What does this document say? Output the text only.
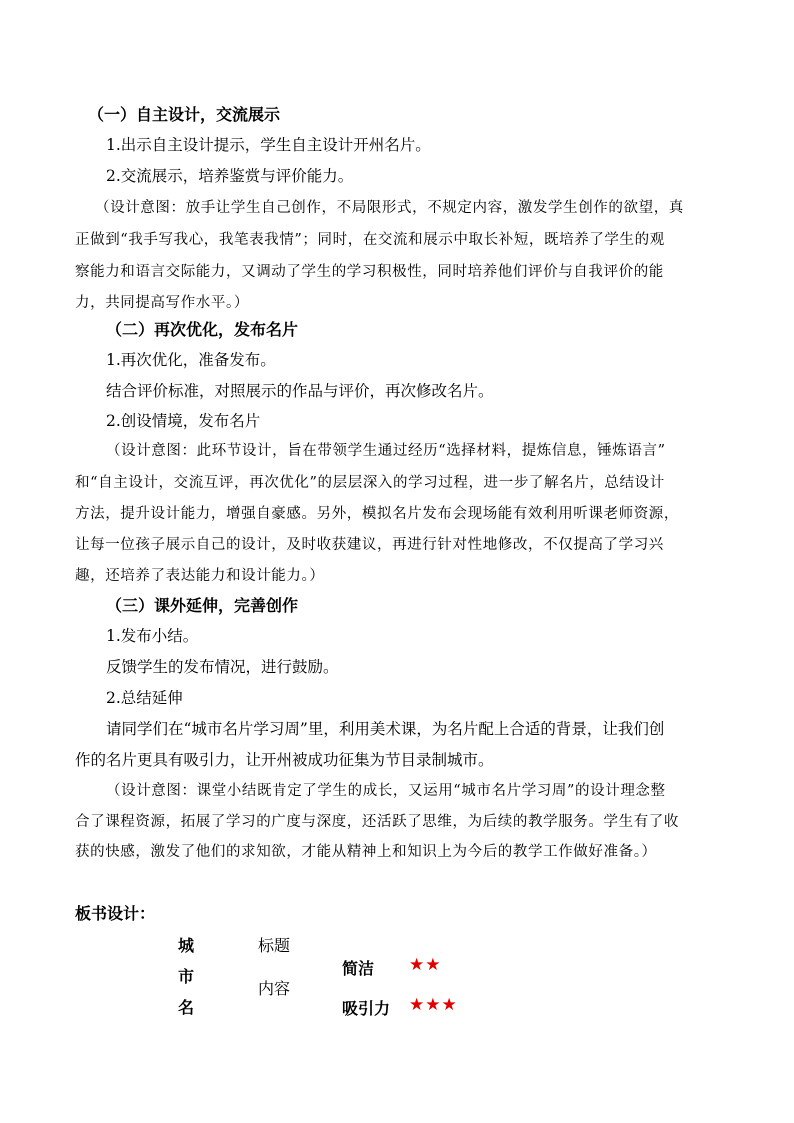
（一）自主设计，交流展示
1.出示自主设计提示，学生自主设计开州名片。
2.交流展示，培养鉴赏与评价能力。
（设计意图：放手让学生自己创作，不局限形式，不规定内容，激发学生创作的欲望，真
正做到“我手写我心，我笔表我情”；同时，在交流和展示中取长补短，既培养了学生的观
察能力和语言交际能力，又调动了学生的学习积极性，同时培养他们评价与自我评价的能
力，共同提高写作水平。）
（二）再次优化，发布名片
1.再次优化，准备发布。
结合评价标准，对照展示的作品与评价，再次修改名片。
2.创设情境，发布名片
（设计意图：此环节设计，旨在带领学生通过经历“选择材料，提炼信息，锤炼语言”
和“自主设计，交流互评，再次优化”的层层深入的学习过程，进一步了解名片，总结设计
方法，提升设计能力，增强自豪感。另外，模拟名片发布会现场能有效利用听课老师资源，
让每一位孩子展示自己的设计，及时收获建议，再进行针对性地修改，不仅提高了学习兴
趣，还培养了表达能力和设计能力。）
（三）课外延伸，完善创作
1.发布小结。
反馈学生的发布情况，进行鼓励。
2.总结延伸
请同学们在“城市名片学习周”里，利用美术课，为名片配上合适的背景，让我们创
作的名片更具有吸引力，让开州被成功征集为节目录制城市。
（设计意图：课堂小结既肯定了学生的成长，又运用“城市名片学习周”的设计理念整
合了课程资源，拓展了学习的广度与深度，还活跃了思维，为后续的教学服务。学生有了收
获的快感，激发了他们的求知欲，才能从精神上和知识上为今后的教学工作做好准备。）
板书设计：
城
市
名
标题
内容
简洁 ★★
吸引力 ★★★
